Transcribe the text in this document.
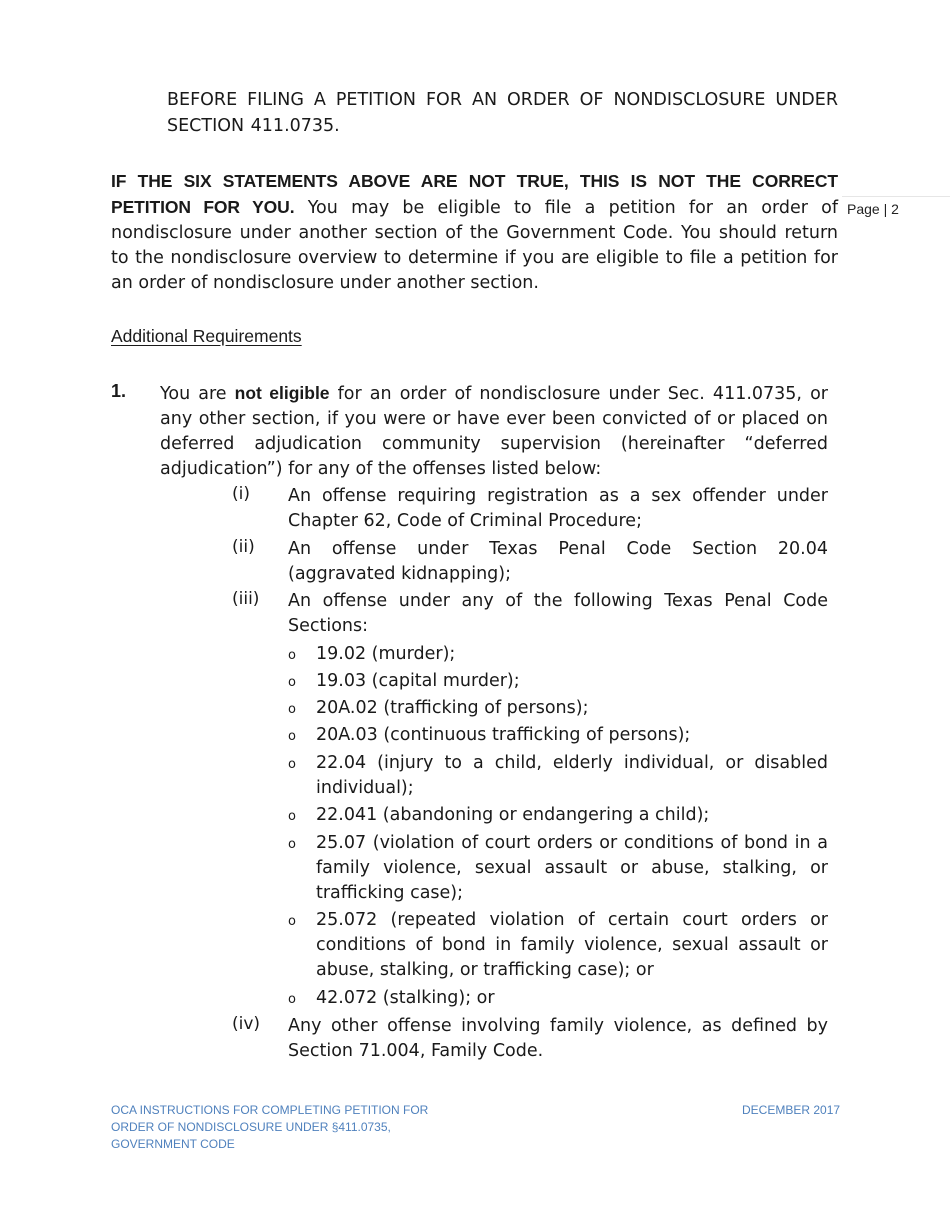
BEFORE FILING A PETITION FOR AN ORDER OF NONDISCLOSURE UNDER SECTION 411.0735.
IF THE SIX STATEMENTS ABOVE ARE NOT TRUE, THIS IS NOT THE CORRECT PETITION FOR YOU. You may be eligible to file a petition for an order of nondisclosure under another section of the Government Code. You should return to the nondisclosure overview to determine if you are eligible to file a petition for an order of nondisclosure under another section.
Page | 2
Additional Requirements
1. You are not eligible for an order of nondisclosure under Sec. 411.0735, or any other section, if you were or have ever been convicted of or placed on deferred adjudication community supervision (hereinafter “deferred adjudication”) for any of the offenses listed below:
(i) An offense requiring registration as a sex offender under Chapter 62, Code of Criminal Procedure;
(ii) An offense under Texas Penal Code Section 20.04 (aggravated kidnapping);
(iii) An offense under any of the following Texas Penal Code Sections:
o 19.02 (murder);
o 19.03 (capital murder);
o 20A.02 (trafficking of persons);
o 20A.03 (continuous trafficking of persons);
o 22.04 (injury to a child, elderly individual, or disabled individual);
o 22.041 (abandoning or endangering a child);
o 25.07 (violation of court orders or conditions of bond in a family violence, sexual assault or abuse, stalking, or trafficking case);
o 25.072 (repeated violation of certain court orders or conditions of bond in family violence, sexual assault or abuse, stalking, or trafficking case); or
o 42.072 (stalking); or
(iv) Any other offense involving family violence, as defined by Section 71.004, Family Code.
OCA INSTRUCTIONS FOR COMPLETING PETITION FOR ORDER OF NONDISCLOSURE UNDER §411.0735, GOVERNMENT CODE
DECEMBER 2017
